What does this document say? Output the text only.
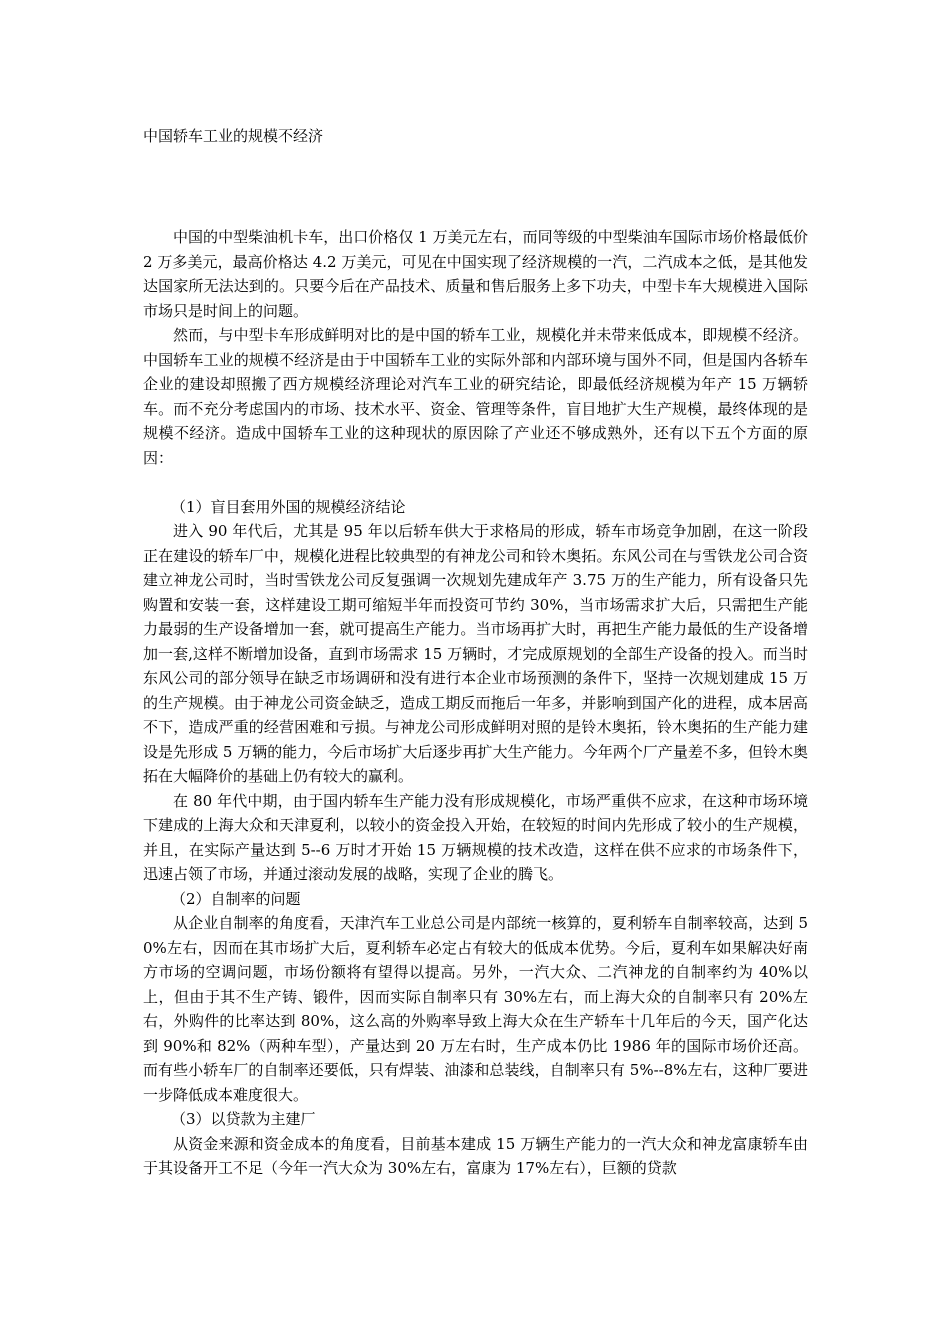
中国轿车工业的规模不经济

中国的中型柴油机卡车，出口价格仅 1 万美元左右，而同等级的中型柴油车国际市场价格最低价 2 万多美元，最高价格达 4.2 万美元，可见在中国实现了经济规模的一汽，二汽成本之低，是其他发达国家所无法达到的。只要今后在产品技术、质量和售后服务上多下功夫，中型卡车大规模进入国际市场只是时间上的问题。

然而，与中型卡车形成鲜明对比的是中国的轿车工业，规模化并未带来低成本，即规模不经济。中国轿车工业的规模不经济是由于中国轿车工业的实际外部和内部环境与国外不同，但是国内各轿车企业的建设却照搬了西方规模经济理论对汽车工业的研究结论，即最低经济规模为年产 15 万辆轿车。而不充分考虑国内的市场、技术水平、资金、管理等条件，盲目地扩大生产规模，最终体现的是规模不经济。造成中国轿车工业的这种现状的原因除了产业还不够成熟外，还有以下五个方面的原因：

（1）盲目套用外国的规模经济结论

进入 90 年代后，尤其是 95 年以后轿车供大于求格局的形成，轿车市场竞争加剧，在这一阶段正在建设的轿车厂中，规模化进程比较典型的有神龙公司和铃木奥拓。东风公司在与雪铁龙公司合资建立神龙公司时，当时雪铁龙公司反复强调一次规划先建成年产 3.75 万的生产能力，所有设备只先购置和安装一套，这样建设工期可缩短半年而投资可节约 30%，当市场需求扩大后，只需把生产能力最弱的生产设备增加一套，就可提高生产能力。当市场再扩大时，再把生产能力最低的生产设备增加一套,这样不断增加设备，直到市场需求 15 万辆时，才完成原规划的全部生产设备的投入。而当时东风公司的部分领导在缺乏市场调研和没有进行本企业市场预测的条件下，坚持一次规划建成 15 万的生产规模。由于神龙公司资金缺乏，造成工期反而拖后一年多，并影响到国产化的进程，成本居高不下，造成严重的经营困难和亏损。与神龙公司形成鲜明对照的是铃木奥拓，铃木奥拓的生产能力建设是先形成 5 万辆的能力，今后市场扩大后逐步再扩大生产能力。今年两个厂产量差不多，但铃木奥拓在大幅降价的基础上仍有较大的赢利。

在 80 年代中期，由于国内轿车生产能力没有形成规模化，市场严重供不应求，在这种市场环境下建成的上海大众和天津夏利，以较小的资金投入开始，在较短的时间内先形成了较小的生产规模，并且，在实际产量达到 5--6 万时才开始 15 万辆规模的技术改造，这样在供不应求的市场条件下，迅速占领了市场，并通过滚动发展的战略，实现了企业的腾飞。

（2）自制率的问题

从企业自制率的角度看，天津汽车工业总公司是内部统一核算的，夏利轿车自制率较高，达到 50%左右，因而在其市场扩大后，夏利轿车必定占有较大的低成本优势。今后，夏利车如果解决好南方市场的空调问题，市场份额将有望得以提高。另外，一汽大众、二汽神龙的自制率约为 40%以上，但由于其不生产铸、锻件，因而实际自制率只有 30%左右，而上海大众的自制率只有 20%左右，外购件的比率达到 80%，这么高的外购率导致上海大众在生产轿车十几年后的今天，国产化达到 90%和 82%（两种车型），产量达到 20 万左右时，生产成本仍比 1986 年的国际市场价还高。而有些小轿车厂的自制率还要低，只有焊装、油漆和总装线，自制率只有 5%--8%左右，这种厂要进一步降低成本难度很大。

（3）以贷款为主建厂

从资金来源和资金成本的角度看，目前基本建成 15 万辆生产能力的一汽大众和神龙富康轿车由于其设备开工不足（今年一汽大众为 30%左右，富康为 17%左右），巨额的贷款
